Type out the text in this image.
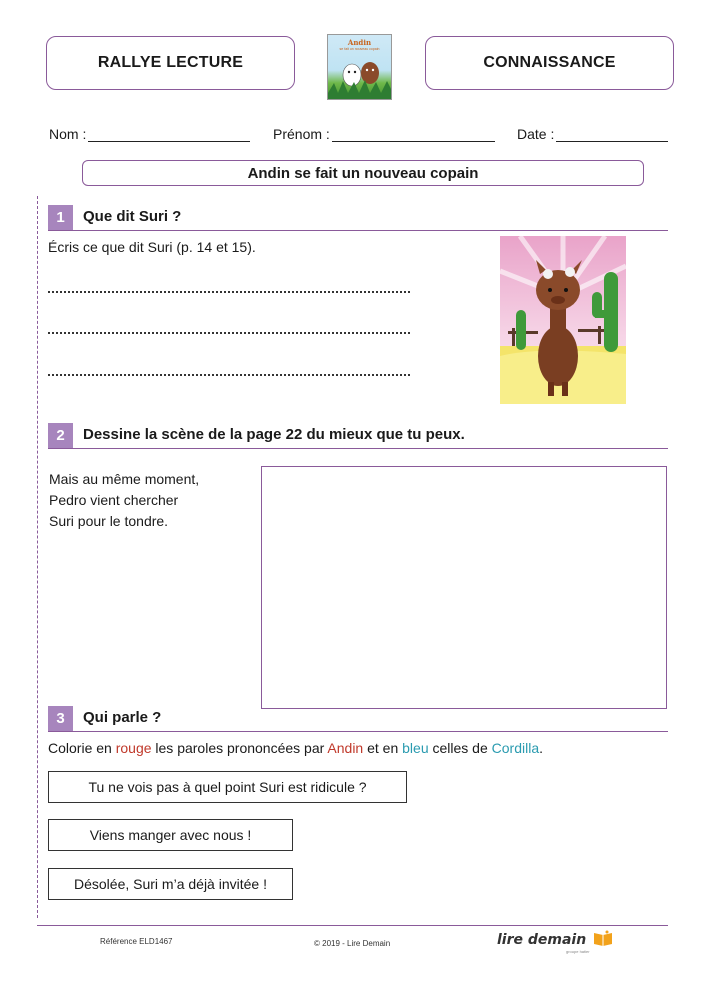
RALLYE LECTURE
Andin
se fait un nouveau copain
CONNAISSANCE
Nom :	Prénom :	Date :
Andin se fait un nouveau copain
1	Que dit Suri ?
Écris ce que dit Suri (p. 14 et 15).
2	Dessine la scène de la page 22 du mieux que tu peux.
Mais au même moment,
Pedro vient chercher
Suri pour le tondre.
3	Qui parle ?
Colorie en rouge les paroles prononcées par Andin et en bleu celles de Cordilla.
Tu ne vois pas à quel point Suri est ridicule ?
Viens manger avec nous !
Désolée, Suri m’a déjà invitée !
Référence ELD1467	© 2019 - Lire Demain	lire demain
groupe hatier
